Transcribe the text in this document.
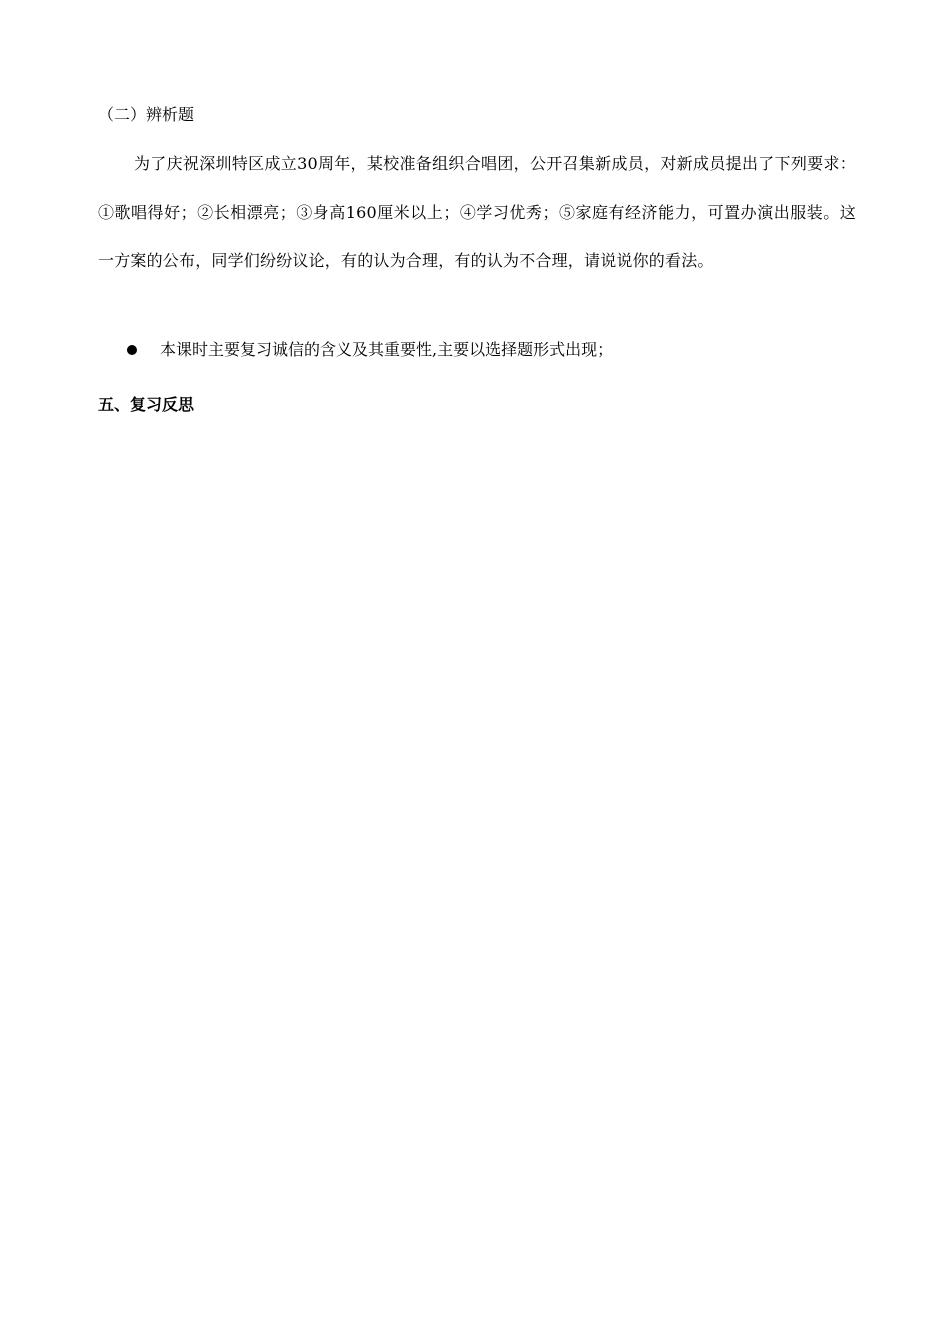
（二）辨析题

为了庆祝深圳特区成立30周年，某校准备组织合唱团，公开召集新成员，对新成员提出了下列要求：①歌唱得好；②长相漂亮；③身高160厘米以上；④学习优秀；⑤家庭有经济能力，可置办演出服装。这一方案的公布，同学们纷纷议论，有的认为合理，有的认为不合理，请说说你的看法。

本课时主要复习诚信的含义及其重要性,主要以选择题形式出现；
五、复习反思
